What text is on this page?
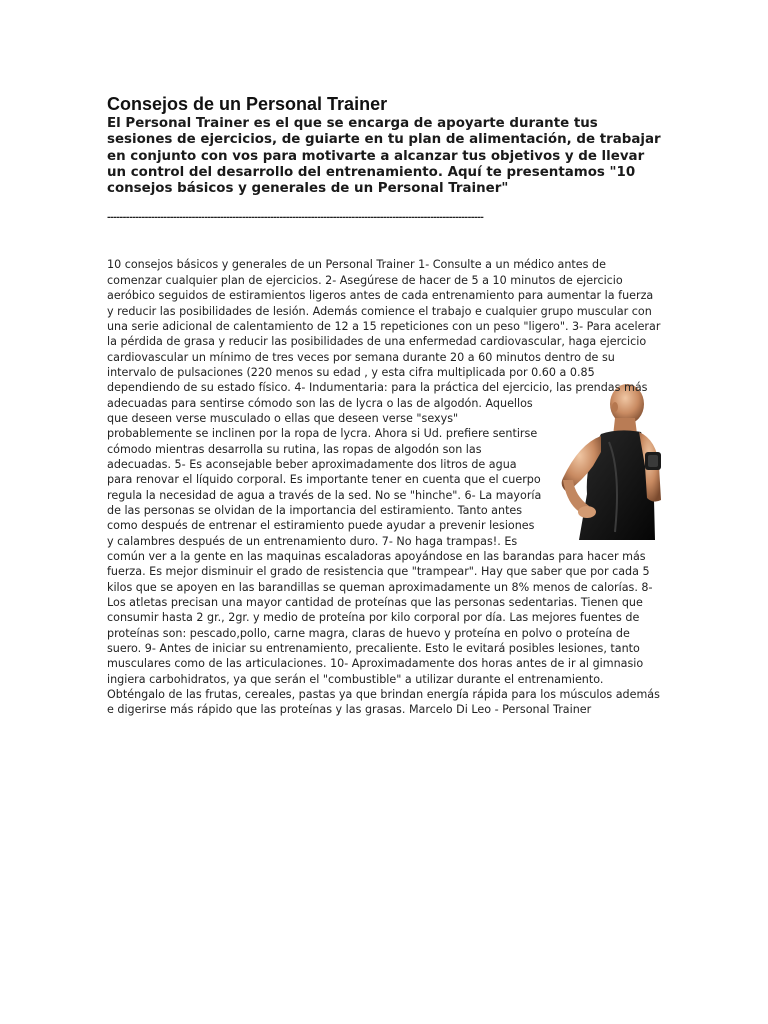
Consejos de un Personal Trainer

El Personal Trainer es el que se encarga de apoyarte durante tus sesiones de ejercicios, de guiarte en tu plan de alimentación, de trabajar en conjunto con vos para motivarte a alcanzar tus objetivos y de llevar un control del desarrollo del entrenamiento. Aquí te presentamos "10 consejos básicos y generales de un Personal Trainer"

------------------------------------------------------------------------------------------------------------------------
10 consejos básicos y generales de un Personal Trainer 1- Consulte a un médico antes de comenzar cualquier plan de ejercicios. 2- Asegúrese de hacer de 5 a 10 minutos de ejercicio aeróbico seguidos de estiramientos ligeros antes de cada entrenamiento para aumentar la fuerza y reducir las posibilidades de lesión. Además comience el trabajo e cualquier grupo muscular con una serie adicional de calentamiento de 12 a 15 repeticiones con un peso "ligero". 3- Para acelerar la pérdida de grasa y reducir las posibilidades de una enfermedad cardiovascular, haga ejercicio cardiovascular un mínimo de tres veces por semana durante 20 a 60 minutos dentro de su intervalo de pulsaciones (220 menos su edad , y esta cifra multiplicada por 0.60 a 0.85 dependiendo de su estado físico.
4- Indumentaria: para la práctica del ejercicio, las prendas más adecuadas para sentirse cómodo son las de lycra o las de algodón. Aquellos que deseen verse musculado o ellas que deseen verse "sexys" probablemente se inclinen por la ropa de lycra. Ahora si Ud. prefiere sentirse cómodo mientras desarrolla su rutina, las ropas de algodón son las adecuadas. 5- Es aconsejable beber aproximadamente dos litros de agua para renovar el líquido corporal. Es importante tener en cuenta que el cuerpo regula la necesidad de agua a través de la sed. No se "hinche". 6- La mayoría de las personas se olvidan de la importancia del estiramiento. Tanto antes como después de entrenar el estiramiento puede ayudar a prevenir lesiones y calambres después de un entrenamiento duro. 7- No haga trampas!. Es común ver a la gente en las maquinas escaladoras apoyándose en las barandas para hacer más fuerza. Es mejor disminuir el grado de resistencia que "trampear". Hay que saber que por cada 5 kilos que se apoyen en las barandillas se queman aproximadamente un 8% menos de calorías. 8- Los atletas precisan una mayor cantidad de proteínas que las personas sedentarias. Tienen que consumir hasta 2 gr., 2gr. y medio de proteína por kilo corporal por día. Las mejores fuentes de proteínas son: pescado,pollo, carne magra, claras de huevo y proteína en polvo o proteína de suero. 9- Antes de iniciar su entrenamiento, precaliente. Esto le evitará posibles lesiones, tanto musculares como de las articulaciones. 10- Aproximadamente dos horas antes de ir al gimnasio ingiera carbohidratos, ya que serán el "combustible" a utilizar durante el entrenamiento. Obténgalo de las frutas, cereales, pastas ya que brindan energía rápida para los músculos además e digerirse más rápido que las proteínas y las grasas. Marcelo Di Leo - Personal Trainer
